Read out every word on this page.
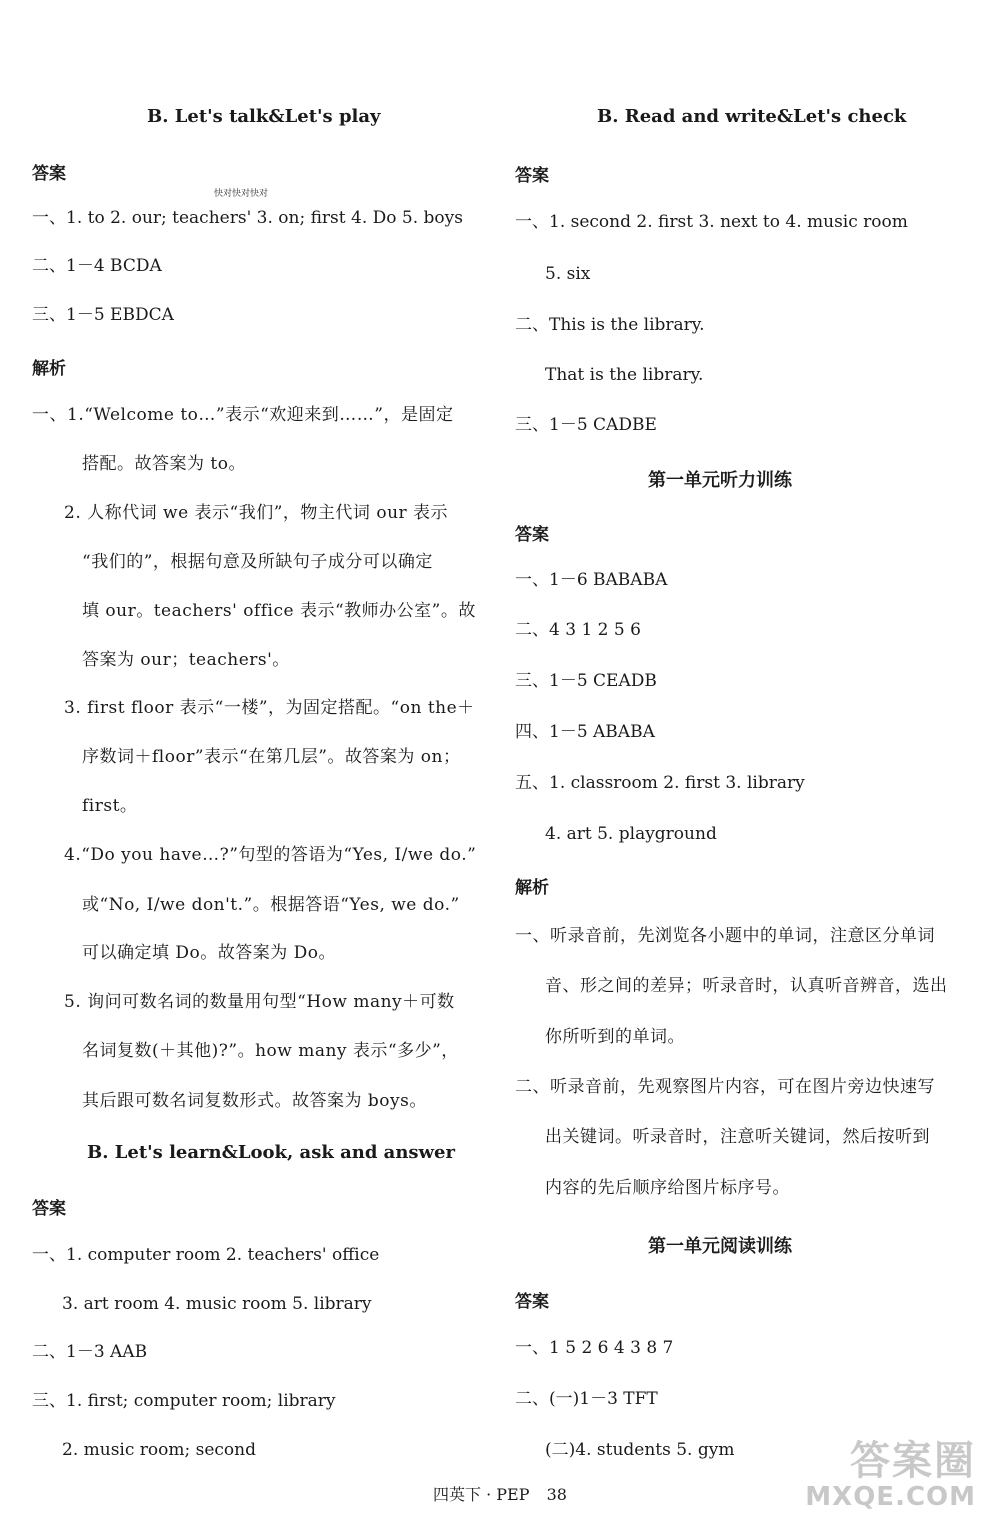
B. Let's talk&Let's play
快对快对快对
答案
一、1. to 2. our; teachers' 3. on; first 4. Do 5. boys
二、1－4 BCDA
三、1－5 EBDCA
解析
一、1.“Welcome to…”表示“欢迎来到……”，是固定
搭配。故答案为 to。
2. 人称代词 we 表示“我们”，物主代词 our 表示
“我们的”，根据句意及所缺句子成分可以确定
填 our。teachers' office 表示“教师办公室”。故
答案为 our；teachers'。
3. first floor 表示“一楼”，为固定搭配。“on the＋
序数词＋floor”表示“在第几层”。故答案为 on；
first。
4.“Do you have…?”句型的答语为“Yes, I/we do.”
或“No, I/we don't.”。根据答语“Yes, we do.”
可以确定填 Do。故答案为 Do。
5. 询问可数名词的数量用句型“How many＋可数
名词复数(＋其他)?”。how many 表示“多少”，
其后跟可数名词复数形式。故答案为 boys。
B. Let's learn&Look, ask and answer
答案
一、1. computer room 2. teachers' office
3. art room 4. music room 5. library
二、1－3 AAB
三、1. first; computer room; library
2. music room; second
B. Read and write&Let's check
答案
一、1. second 2. first 3. next to 4. music room
5. six
二、This is the library.
That is the library.
三、1－5 CADBE
第一单元听力训练
答案
一、1－6 BABABA
二、4 3 1 2 5 6
三、1－5 CEADB
四、1－5 ABABA
五、1. classroom 2. first 3. library
4. art 5. playground
解析
一、听录音前，先浏览各小题中的单词，注意区分单词
音、形之间的差异；听录音时，认真听音辨音，选出
你所听到的单词。
二、听录音前，先观察图片内容，可在图片旁边快速写
出关键词。听录音时，注意听关键词，然后按听到
内容的先后顺序给图片标序号。
第一单元阅读训练
答案
一、1 5 2 6 4 3 8 7
二、(一)1－3 TFT
(二)4. students 5. gym
四英下 · PEP 38
答案圈
MXQE.COM
